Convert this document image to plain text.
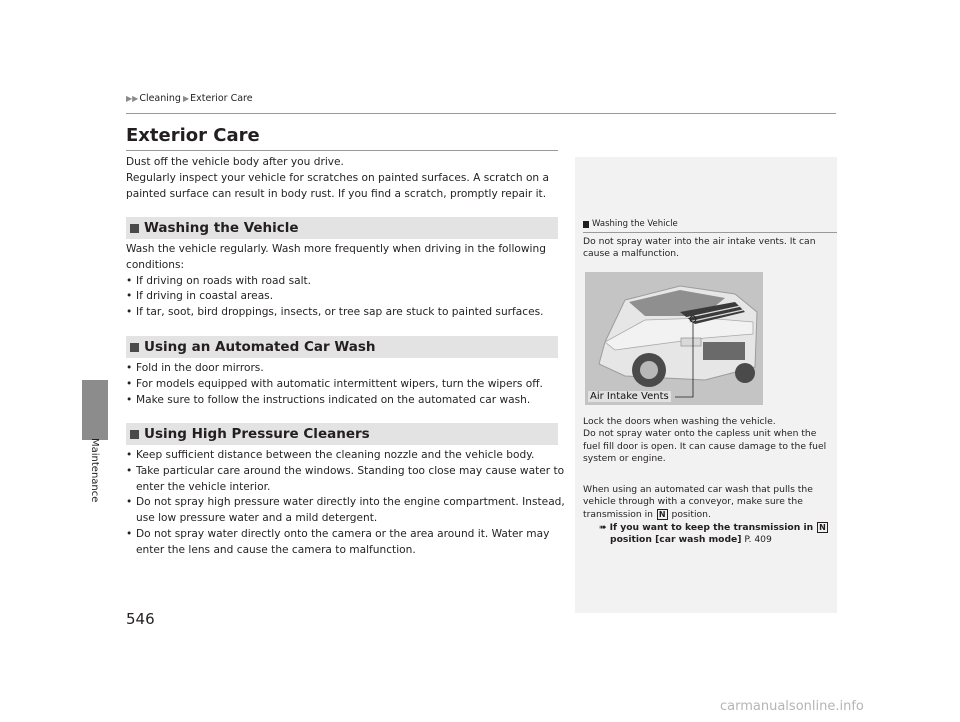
▶▶ Cleaning ▶ Exterior Care
Maintenance
Exterior Care
Dust off the vehicle body after you drive.
Regularly inspect your vehicle for scratches on painted surfaces. A scratch on a
painted surface can result in body rust. If you find a scratch, promptly repair it.
Washing the Vehicle
Wash the vehicle regularly. Wash more frequently when driving in the following
conditions:
• If driving on roads with road salt.
• If driving in coastal areas.
• If tar, soot, bird droppings, insects, or tree sap are stuck to painted surfaces.
Using an Automated Car Wash
• Fold in the door mirrors.
• For models equipped with automatic intermittent wipers, turn the wipers off.
• Make sure to follow the instructions indicated on the automated car wash.
Using High Pressure Cleaners
• Keep sufficient distance between the cleaning nozzle and the vehicle body.
• Take particular care around the windows. Standing too close may cause water to
enter the vehicle interior.
• Do not spray high pressure water directly into the engine compartment. Instead,
use low pressure water and a mild detergent.
• Do not spray water directly onto the camera or the area around it. Water may
enter the lens and cause the camera to malfunction.
Washing the Vehicle
Do not spray water into the air intake vents. It can
cause a malfunction.
Air Intake Vents
Lock the doors when washing the vehicle.
Do not spray water onto the capless unit when the
fuel fill door is open. It can cause damage to the fuel
system or engine.
When using an automated car wash that pulls the
vehicle through with a conveyor, make sure the
transmission in N position.
➠ If you want to keep the transmission in N
position [car wash mode] P. 409
546
carmanualsonline.info
